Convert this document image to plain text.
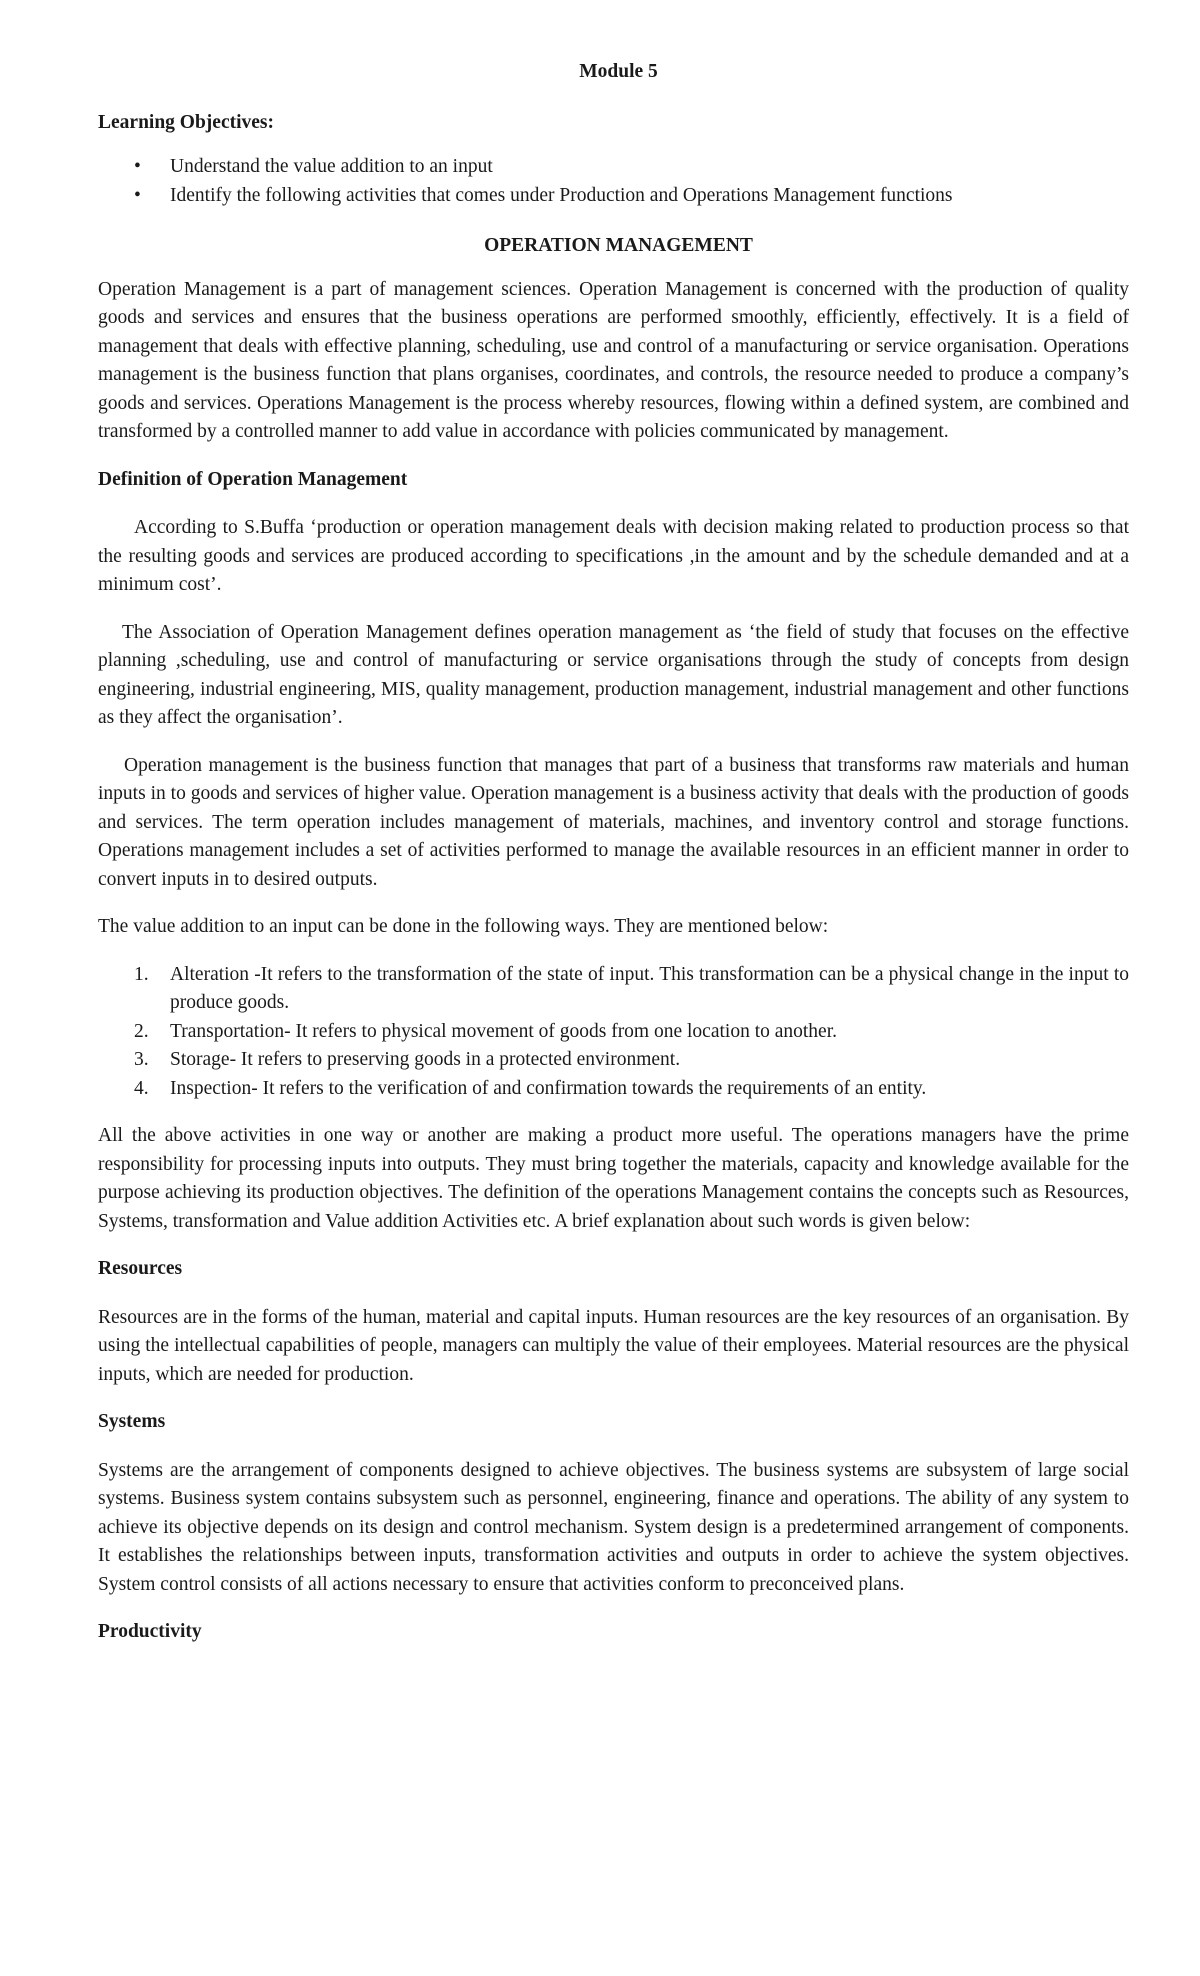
Module 5
Learning Objectives:
• Understand the value addition to an input
• Identify the following activities that comes under Production and Operations Management functions
OPERATION MANAGEMENT

Operation Management is a part of management sciences. Operation Management is concerned with the production of quality goods and services and ensures that the business operations are performed smoothly, efficiently, effectively. It is a field of management that deals with effective planning, scheduling, use and control of a manufacturing or service organisation. Operations management is the business function that plans organises, coordinates, and controls, the resource needed to produce a company’s goods and services. Operations Management is the process whereby resources, flowing within a defined system, are combined and transformed by a controlled manner to add value in accordance with policies communicated by management.

Definition of Operation Management

According to S.Buffa ‘production or operation management deals with decision making related to production process so that the resulting goods and services are produced according to specifications ,in the amount and by the schedule demanded and at a minimum cost’.

The Association of Operation Management defines operation management as ‘the field of study that focuses on the effective planning ,scheduling, use and control of manufacturing or service organisations through the study of concepts from design engineering, industrial engineering, MIS, quality management, production management, industrial management and other functions as they affect the organisation’.

Operation management is the business function that manages that part of a business that transforms raw materials and human inputs in to goods and services of higher value. Operation management is a business activity that deals with the production of goods and services. The term operation includes management of materials, machines, and inventory control and storage functions. Operations management includes a set of activities performed to manage the available resources in an efficient manner in order to convert inputs in to desired outputs.

The value addition to an input can be done in the following ways. They are mentioned below:

1. Alteration -It refers to the transformation of the state of input. This transformation can be a physical change in the input to produce goods.
2. Transportation- It refers to physical movement of goods from one location to another.
3. Storage- It refers to preserving goods in a protected environment.
4. Inspection- It refers to the verification of and confirmation towards the requirements of an entity.

All the above activities in one way or another are making a product more useful. The operations managers have the prime responsibility for processing inputs into outputs. They must bring together the materials, capacity and knowledge available for the purpose achieving its production objectives. The definition of the operations Management contains the concepts such as Resources, Systems, transformation and Value addition Activities etc. A brief explanation about such words is given below:

Resources

Resources are in the forms of the human, material and capital inputs. Human resources are the key resources of an organisation. By using the intellectual capabilities of people, managers can multiply the value of their employees. Material resources are the physical inputs, which are needed for production.

Systems

Systems are the arrangement of components designed to achieve objectives. The business systems are subsystem of large social systems. Business system contains subsystem such as personnel, engineering, finance and operations. The ability of any system to achieve its objective depends on its design and control mechanism. System design is a predetermined arrangement of components. It establishes the relationships between inputs, transformation activities and outputs in order to achieve the system objectives. System control consists of all actions necessary to ensure that activities conform to preconceived plans.

Productivity
